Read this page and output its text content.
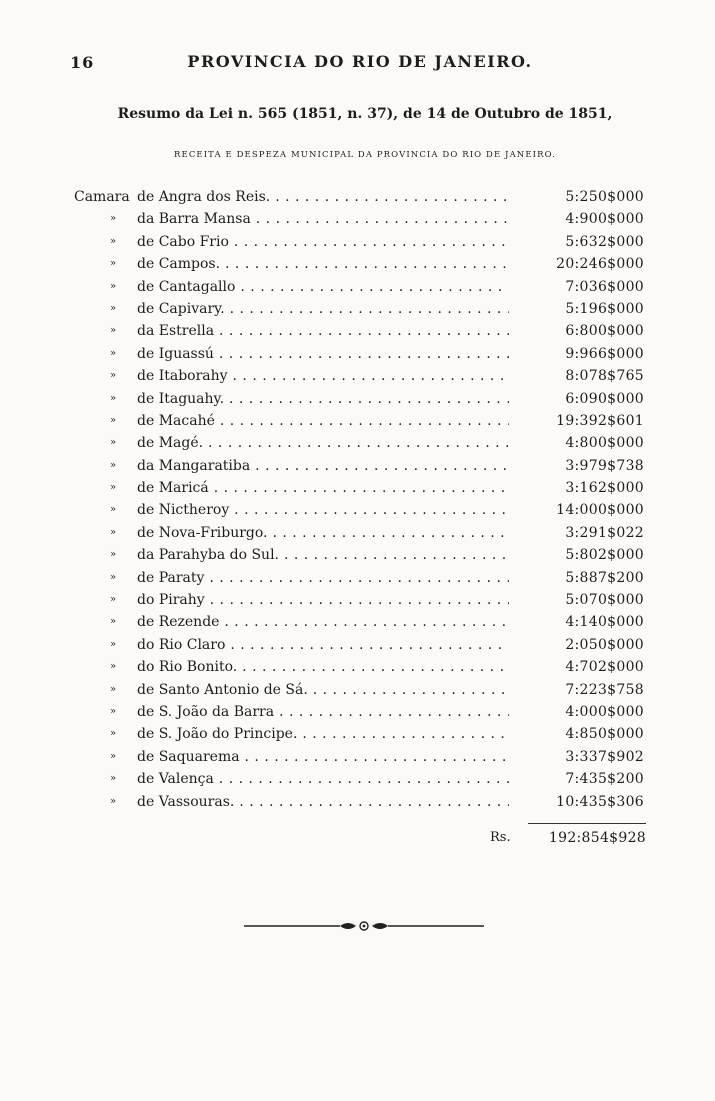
16	PROVINCIA DO RIO DE JANEIRO.
Resumo da Lei n. 565 (1851, n. 37), de 14 de Outubro de 1851,
RECEITA E DESPEZA MUNICIPAL DA PROVINCIA DO RIO DE JANEIRO.
Camara de Angra dos Reis. . .	5:250$000
»	da Barra Mansa . .	4:900$000
»	de Cabo Frio . .	5:632$000
»	de Campos. . .	20:246$000
»	de Cantagallo . .	7:036$000
»	de Capivary. . .	5:196$000
»	da Estrella . .	6:800$000
»	de Iguassú . .	9:966$000
»	de Itaborahy . .	8:078$765
»	de Itaguahy. . .	6:090$000
»	de Macahé . .	19:392$601
»	de Magé. . .	4:800$000
»	da Mangaratiba . .	3:979$738
»	de Maricá . .	3:162$000
»	de Nictheroy . .	14:000$000
»	de Nova-Friburgo. . .	3:291$022
»	da Parahyba do Sul. . .	5:802$000
»	de Paraty . .	5:887$200
»	do Pirahy . .	5:070$000
»	de Rezende . .	4:140$000
»	do Rio Claro . .	2:050$000
»	do Rio Bonito. . .	4:702$000
»	de Santo Antonio de Sá. . .	7:223$758
»	de S. João da Barra . .	4:000$000
»	de S. João do Principe. . .	4:850$000
»	de Saquarema . .	3:337$902
»	de Valença . .	7:435$200
»	de Vassouras. . .	10:435$306
Rs.	192:854$928
